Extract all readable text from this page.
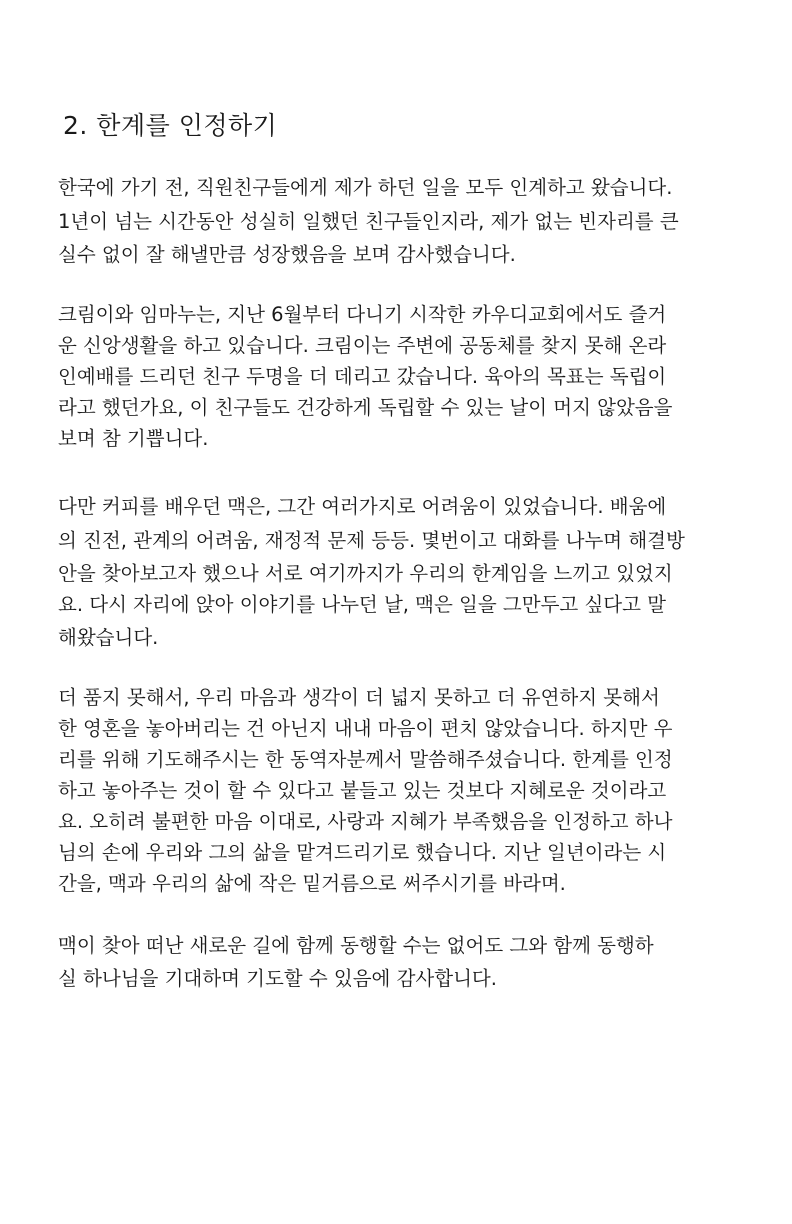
2. 한계를 인정하기
한국에 가기 전, 직원친구들에게 제가 하던 일을 모두 인계하고 왔습니다.
1년이 넘는 시간동안 성실히 일했던 친구들인지라, 제가 없는 빈자리를 큰
실수 없이 잘 해낼만큼 성장했음을 보며 감사했습니다.
크림이와 임마누는, 지난 6월부터 다니기 시작한 카우디교회에서도 즐거
운 신앙생활을 하고 있습니다. 크림이는 주변에 공동체를 찾지 못해 온라
인예배를 드리던 친구 두명을 더 데리고 갔습니다. 육아의 목표는 독립이
라고 했던가요, 이 친구들도 건강하게 독립할 수 있는 날이 머지 않았음을
보며 참 기쁩니다.
다만 커피를 배우던 맥은, 그간 여러가지로 어려움이 있었습니다. 배움에
의 진전, 관계의 어려움, 재정적 문제 등등. 몇번이고 대화를 나누며 해결방
안을 찾아보고자 했으나 서로 여기까지가 우리의 한계임을 느끼고 있었지
요. 다시 자리에 앉아 이야기를 나누던 날, 맥은 일을 그만두고 싶다고 말
해왔습니다.
더 품지 못해서, 우리 마음과 생각이 더 넓지 못하고 더 유연하지 못해서
한 영혼을 놓아버리는 건 아닌지 내내 마음이 편치 않았습니다. 하지만 우
리를 위해 기도해주시는 한 동역자분께서 말씀해주셨습니다. 한계를 인정
하고 놓아주는 것이 할 수 있다고 붙들고 있는 것보다 지혜로운 것이라고
요. 오히려 불편한 마음 이대로, 사랑과 지혜가 부족했음을 인정하고 하나
님의 손에 우리와 그의 삶을 맡겨드리기로 했습니다. 지난 일년이라는 시
간을, 맥과 우리의 삶에 작은 밑거름으로 써주시기를 바라며.
맥이 찾아 떠난 새로운 길에 함께 동행할 수는 없어도 그와 함께 동행하
실 하나님을 기대하며 기도할 수 있음에 감사합니다.
